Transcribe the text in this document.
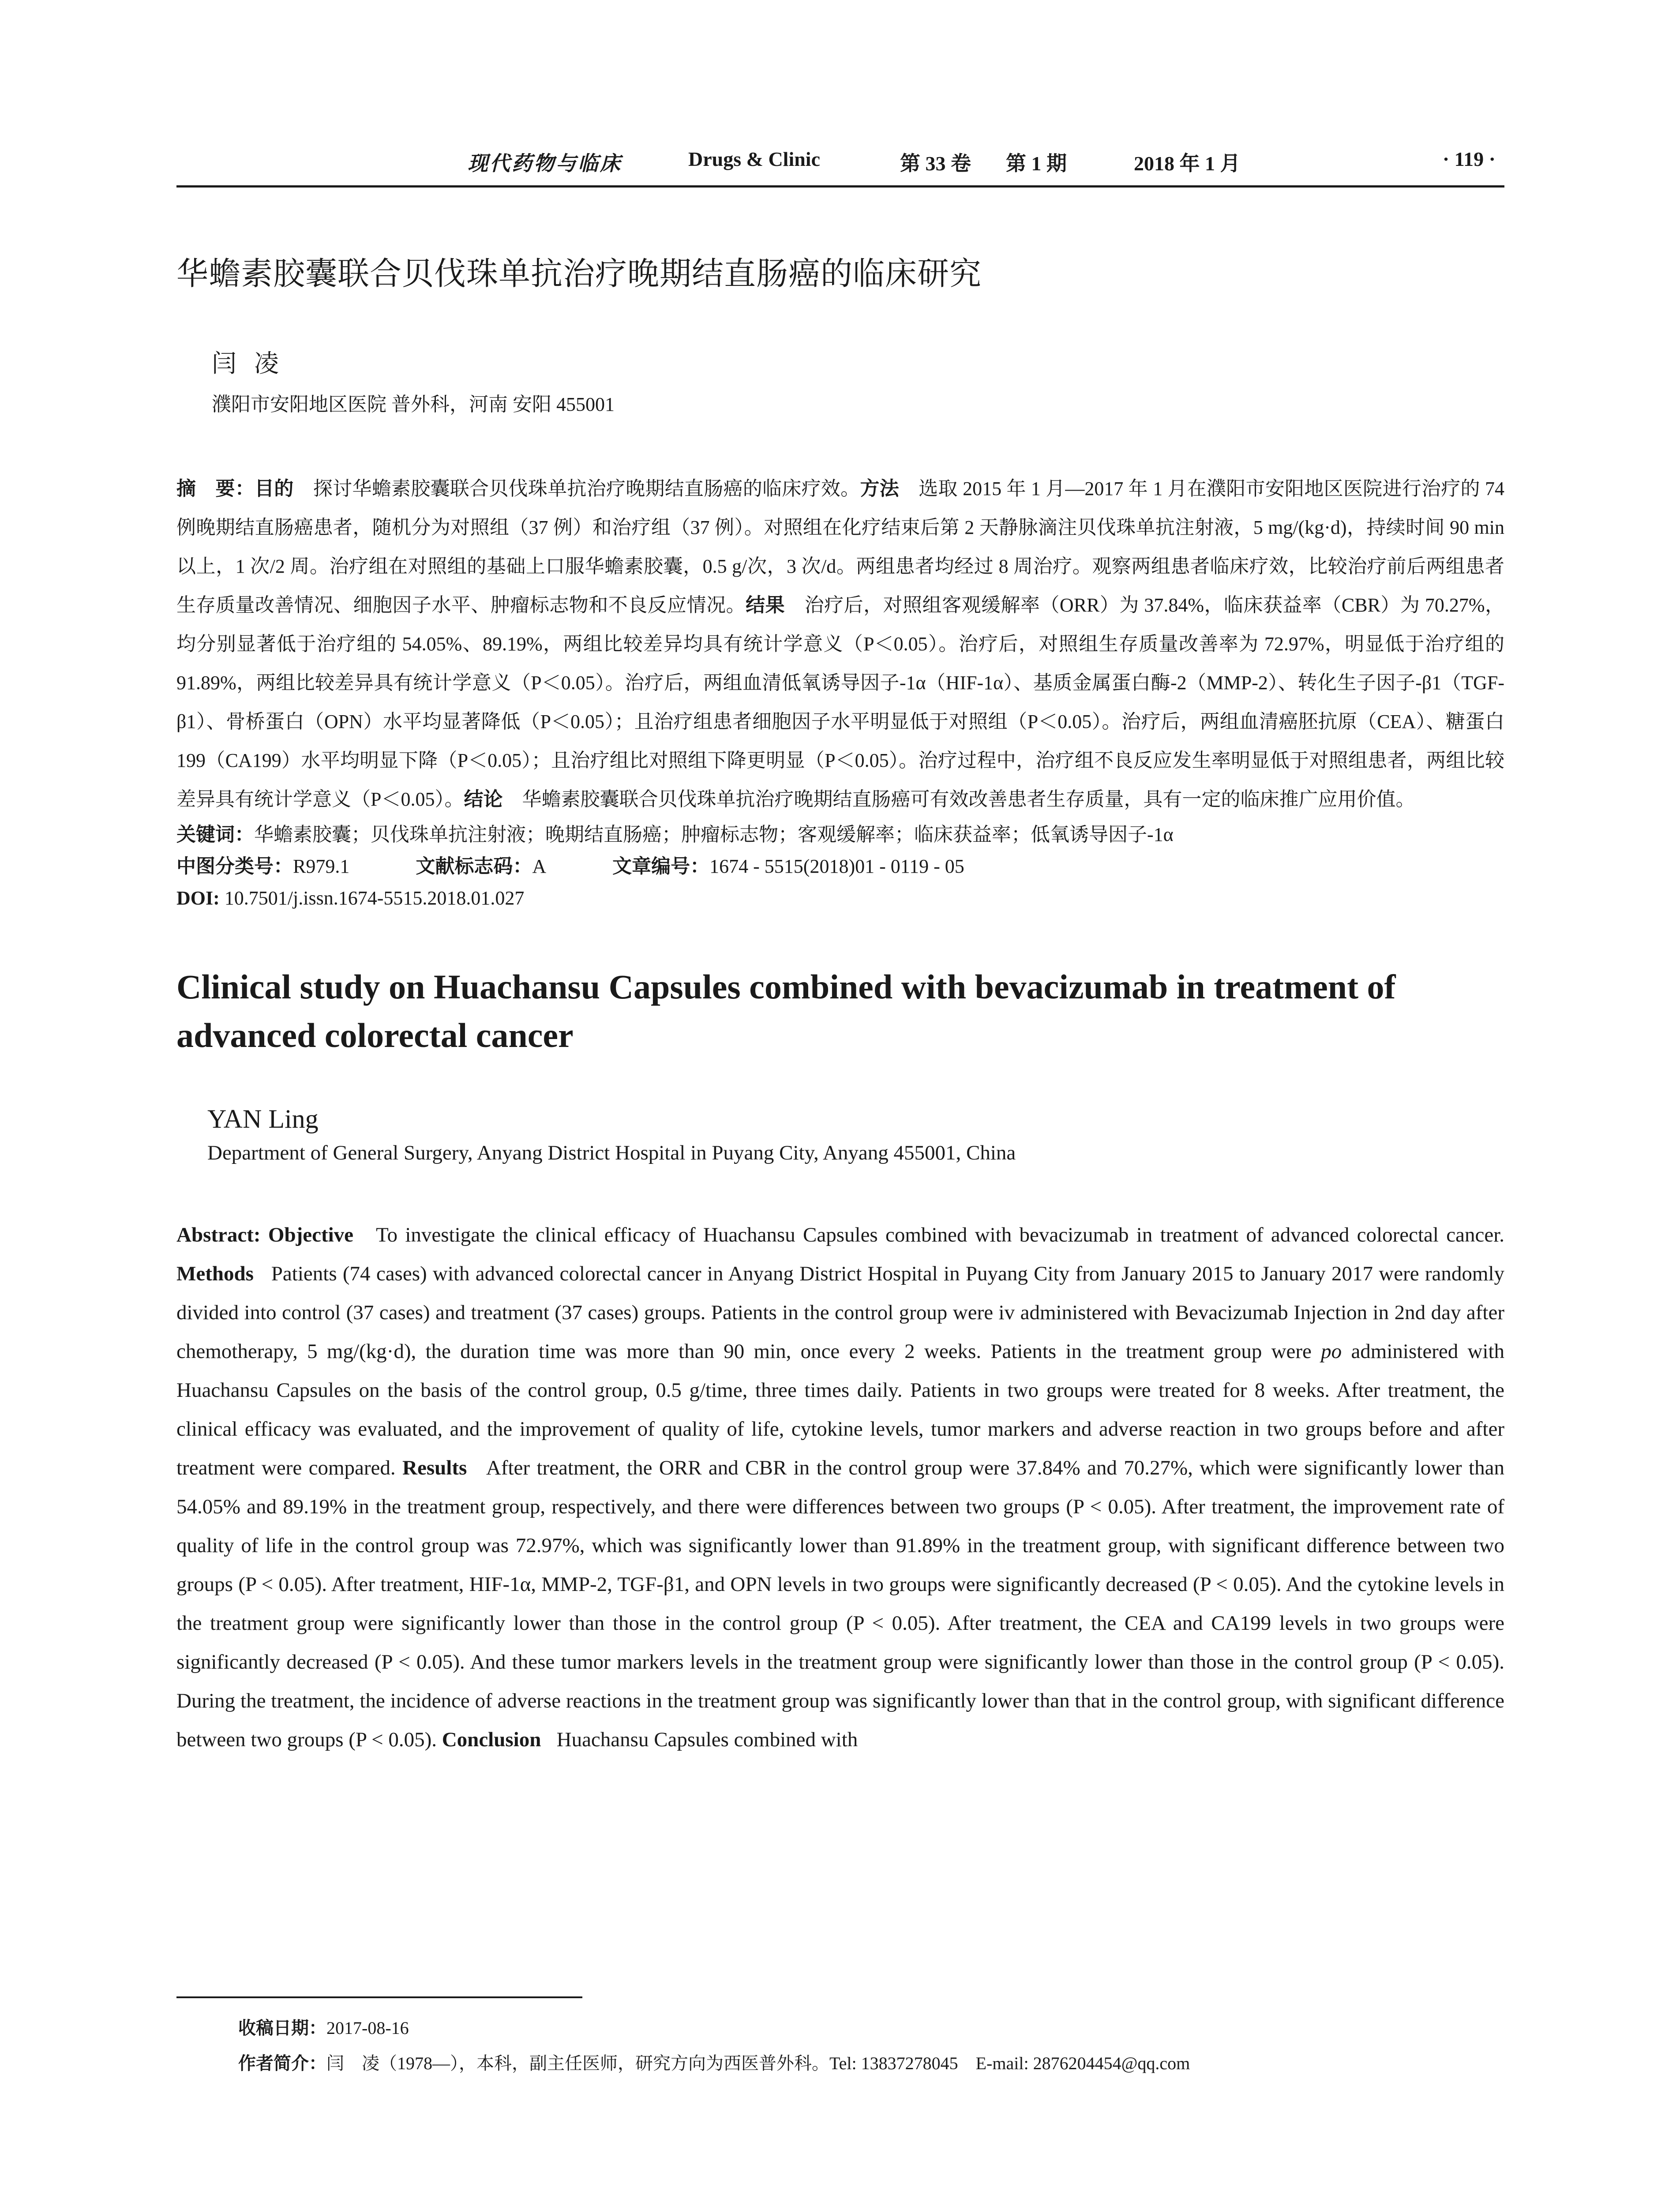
现代药物与临床	Drugs & Clinic	第 33 卷 第 1 期	2018 年 1 月	· 119 ·
华蟾素胶囊联合贝伐珠单抗治疗晚期结直肠癌的临床研究
闫凌
濮阳市安阳地区医院 普外科，河南 安阳 455001
摘　要：目的　 探讨华蟾素胶囊联合贝伐珠单抗治疗晚期结直肠癌的临床疗效。方法　 选取 2015 年 1 月—2017 年 1 月在濮阳市安阳地区医院进行治疗的 74 例晚期结直肠癌患者，随机分为对照组（37 例）和治疗组（37 例）。对照组在化疗结束后第 2 天静脉滴注贝伐珠单抗注射液，5 mg/(kg·d)，持续时间 90 min 以上，1 次/2 周。治疗组在对照组的基础上口服华蟾素胶囊，0.5 g/次，3 次/d。两组患者均经过 8 周治疗。观察两组患者临床疗效，比较治疗前后两组患者生存质量改善情况、细胞因子水平、肿瘤标志物和不良反应情况。结果　 治疗后，对照组客观缓解率（ORR）为 37.84%，临床获益率（CBR）为 70.27%，均分别显著低于治疗组的 54.05%、89.19%，两组比较差异均具有统计学意义（P＜0.05）。治疗后，对照组生存质量改善率为 72.97%，明显低于治疗组的 91.89%，两组比较差异具有统计学意义（P＜0.05）。治疗后，两组血清低氧诱导因子-1α（HIF-1α）、基质金属蛋白酶-2（MMP-2）、转化生子因子-β1（TGF-β1）、骨桥蛋白（OPN）水平均显著降低（P＜0.05）；且治疗组患者细胞因子水平明显低于对照组（P＜0.05）。治疗后，两组血清癌胚抗原（CEA）、糖蛋白 199（CA199）水平均明显下降（P＜0.05）；且治疗组比对照组下降更明显（P＜0.05）。治疗过程中，治疗组不良反应发生率明显低于对照组患者，两组比较差异具有统计学意义（P＜0.05）。结论　 华蟾素胶囊联合贝伐珠单抗治疗晚期结直肠癌可有效改善患者生存质量，具有一定的临床推广应用价值。
关键词：华蟾素胶囊；贝伐珠单抗注射液；晚期结直肠癌；肿瘤标志物；客观缓解率；临床获益率；低氧诱导因子-1α
中图分类号：R979.1	文献标志码：A	文章编号：1674 - 5515(2018)01 - 0119 - 05
DOI: 10.7501/j.issn.1674-5515.2018.01.027
Clinical study on Huachansu Capsules combined with bevacizumab in treatment of advanced colorectal cancer
YAN Ling
Department of General Surgery, Anyang District Hospital in Puyang City, Anyang 455001, China
Abstract: Objective To investigate the clinical efficacy of Huachansu Capsules combined with bevacizumab in treatment of advanced colorectal cancer. Methods Patients (74 cases) with advanced colorectal cancer in Anyang District Hospital in Puyang City from January 2015 to January 2017 were randomly divided into control (37 cases) and treatment (37 cases) groups. Patients in the control group were iv administered with Bevacizumab Injection in 2nd day after chemotherapy, 5 mg/(kg·d), the duration time was more than 90 min, once every 2 weeks. Patients in the treatment group were po administered with Huachansu Capsules on the basis of the control group, 0.5 g/time, three times daily. Patients in two groups were treated for 8 weeks. After treatment, the clinical efficacy was evaluated, and the improvement of quality of life, cytokine levels, tumor markers and adverse reaction in two groups before and after treatment were compared. Results After treatment, the ORR and CBR in the control group were 37.84% and 70.27%, which were significantly lower than 54.05% and 89.19% in the treatment group, respectively, and there were differences between two groups (P < 0.05). After treatment, the improvement rate of quality of life in the control group was 72.97%, which was significantly lower than 91.89% in the treatment group, with significant difference between two groups (P < 0.05). After treatment, HIF-1α, MMP-2, TGF-β1, and OPN levels in two groups were significantly decreased (P < 0.05). And the cytokine levels in the treatment group were significantly lower than those in the control group (P < 0.05). After treatment, the CEA and CA199 levels in two groups were significantly decreased (P < 0.05). And these tumor markers levels in the treatment group were significantly lower than those in the control group (P < 0.05). During the treatment, the incidence of adverse reactions in the treatment group was significantly lower than that in the control group, with significant difference between two groups (P < 0.05). Conclusion Huachansu Capsules combined with
收稿日期：2017-08-16
作者简介：闫　凌（1978—），本科，副主任医师，研究方向为西医普外科。Tel: 13837278045　E-mail: 2876204454@qq.com
